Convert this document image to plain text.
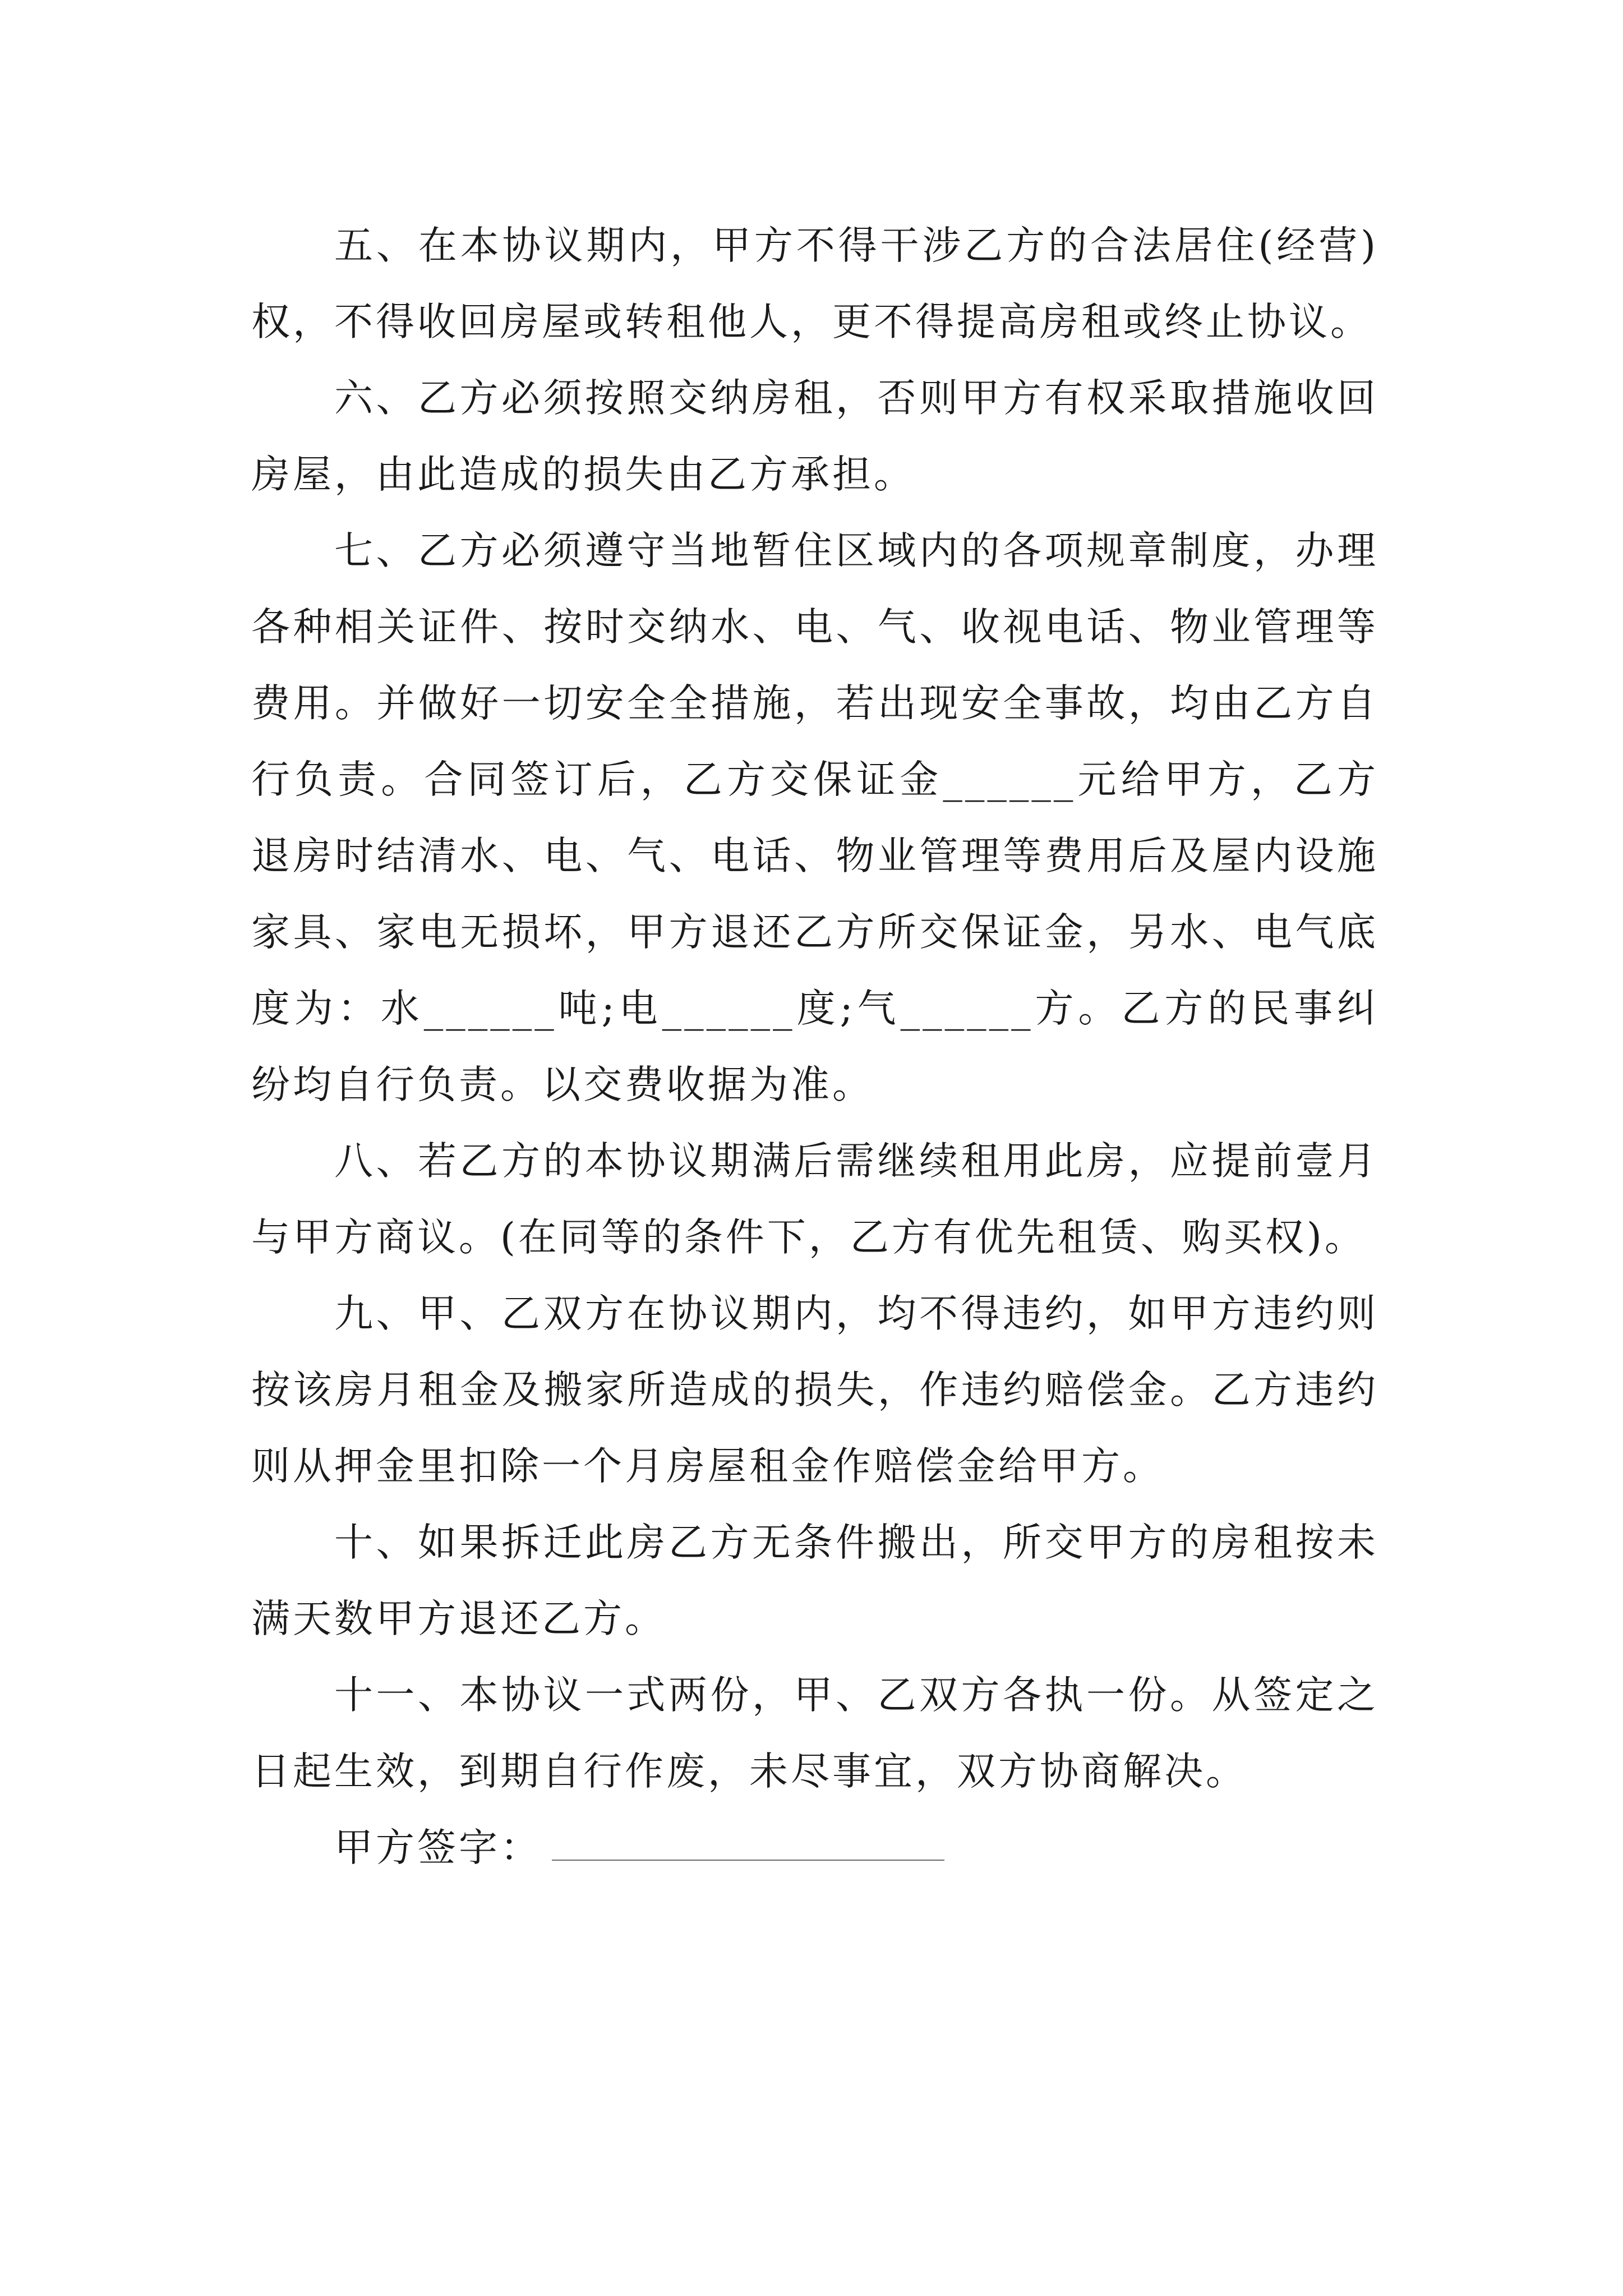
五、在本协议期内，甲方不得干涉乙方的合法居住(经营)权，不得收回房屋或转租他人，更不得提高房租或终止协议。

六、乙方必须按照交纳房租，否则甲方有权采取措施收回房屋，由此造成的损失由乙方承担。

七、乙方必须遵守当地暂住区域内的各项规章制度，办理各种相关证件、按时交纳水、电、气、收视电话、物业管理等费用。并做好一切安全全措施，若出现安全事故，均由乙方自行负责。合同签订后，乙方交保证金______元给甲方，乙方退房时结清水、电、气、电话、物业管理等费用后及屋内设施家具、家电无损坏，甲方退还乙方所交保证金，另水、电气底度为：水______吨;电______度;气______方。乙方的民事纠纷均自行负责。以交费收据为准。

八、若乙方的本协议期满后需继续租用此房，应提前壹月与甲方商议。(在同等的条件下，乙方有优先租赁、购买权)。

九、甲、乙双方在协议期内，均不得违约，如甲方违约则按该房月租金及搬家所造成的损失，作违约赔偿金。乙方违约则从押金里扣除一个月房屋租金作赔偿金给甲方。

十、如果拆迁此房乙方无条件搬出，所交甲方的房租按未满天数甲方退还乙方。

十一、本协议一式两份，甲、乙双方各执一份。从签定之日起生效，到期自行作废，未尽事宜，双方协商解决。

甲方签字：
